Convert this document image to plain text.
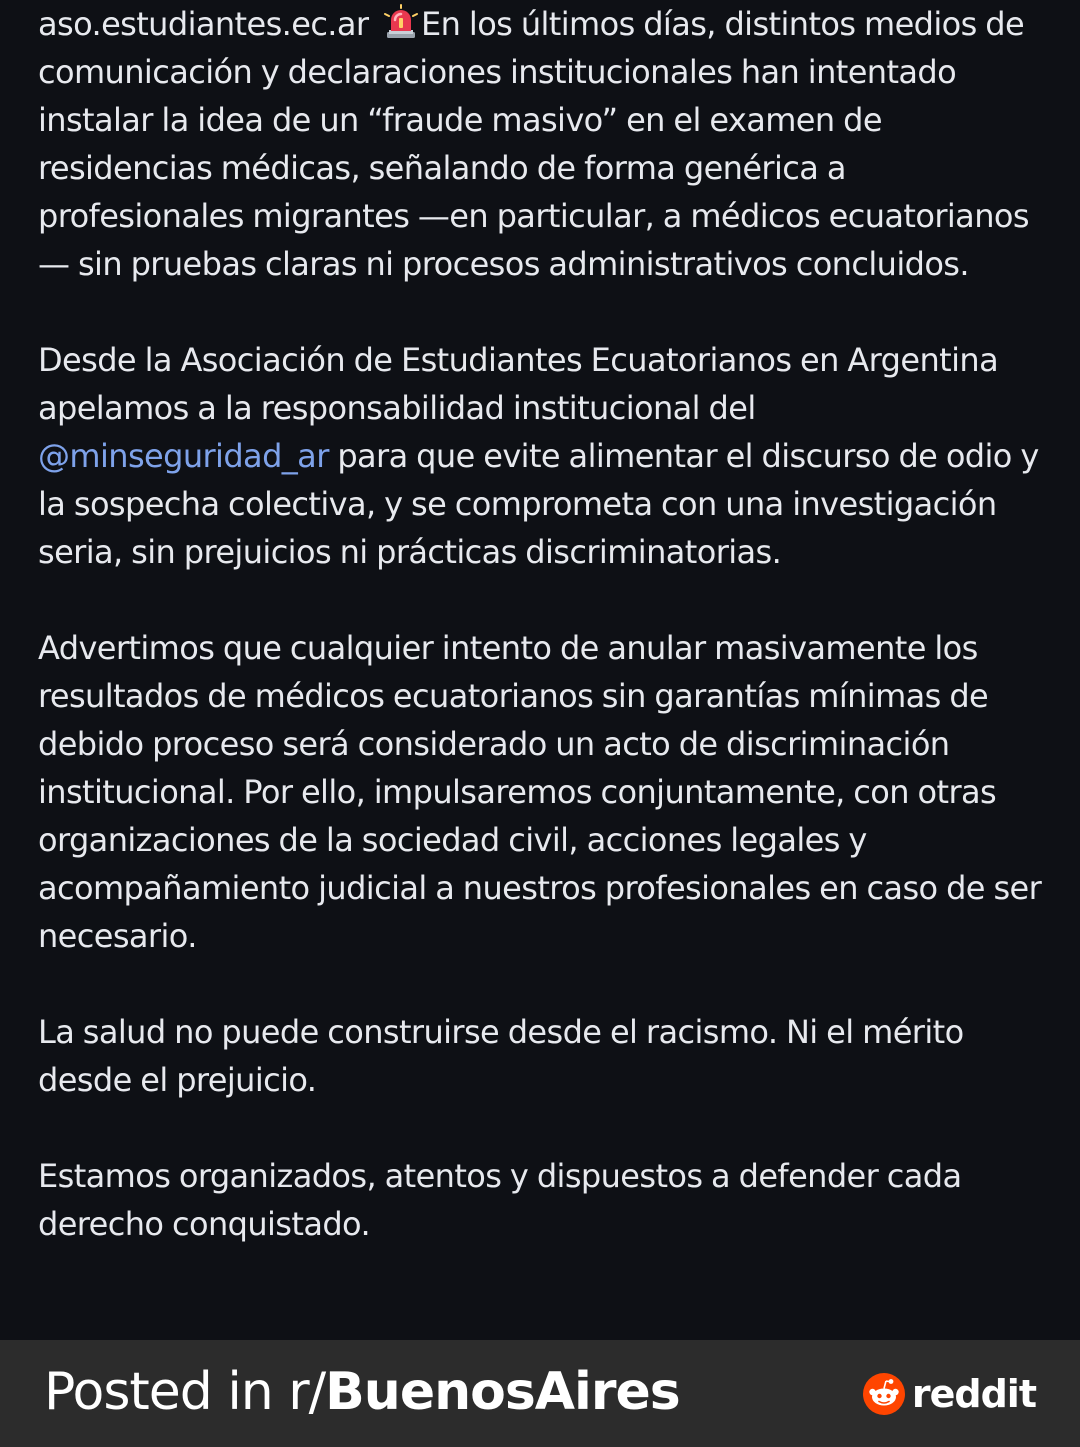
aso.estudiantes.ec.ar En los últimos días, distintos medios de comunicación y declaraciones institucionales han intentado instalar la idea de un “fraude masivo” en el examen de residencias médicas, señalando de forma genérica a profesionales migrantes —en particular, a médicos ecuatorianos— sin pruebas claras ni procesos administrativos concluidos.

Desde la Asociación de Estudiantes Ecuatorianos en Argentina apelamos a la responsabilidad institucional del @minseguridad_ar para que evite alimentar el discurso de odio y la sospecha colectiva, y se comprometa con una investigación seria, sin prejuicios ni prácticas discriminatorias.

Advertimos que cualquier intento de anular masivamente los resultados de médicos ecuatorianos sin garantías mínimas de debido proceso será considerado un acto de discriminación institucional. Por ello, impulsaremos conjuntamente, con otras organizaciones de la sociedad civil, acciones legales y acompañamiento judicial a nuestros profesionales en caso de ser necesario.

La salud no puede construirse desde el racismo. Ni el mérito desde el prejuicio.

Estamos organizados, atentos y dispuestos a defender cada derecho conquistado.

Posted in r/BuenosAires	reddit
